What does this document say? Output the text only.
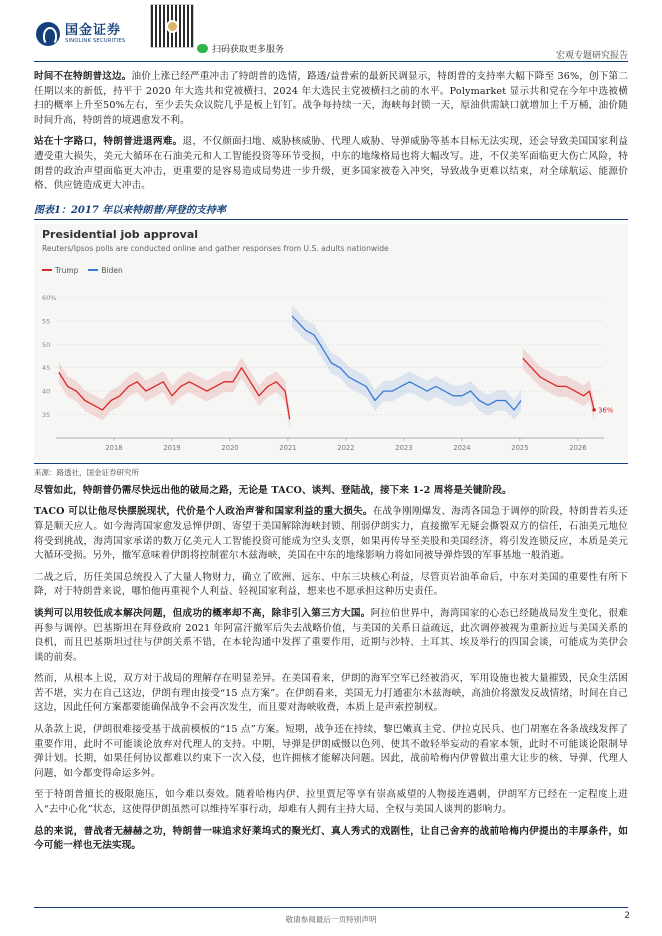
国金证券
SINOLINK SECURITIES
扫码获取更多服务
宏观专题研究报告

时间不在特朗普这边。油价上涨已经严重冲击了特朗普的选情，路透/益普索的最新民调显示，特朗普的支持率大幅下降至 36%，创下第二任期以来的新低，持平于 2020 年大选共和党被横扫、2024 年大选民主党被横扫之前的水平。Polymarket 显示共和党在今年中选被横扫的概率上升至50%左右，至少丢失众议院几乎是板上钉钉。战争每持续一天，海峡每封锁一天，原油供需缺口就增加上千万桶，油价随时间升高，特朗普的境遇愈发不利。

站在十字路口，特朗普进退两难。退，不仅颜面扫地、威胁核威胁、代理人威胁、导弹威胁等基本目标无法实现，还会导致美国国家利益遭受重大损失，美元大循环在石油美元和人工智能投资等环节受损，中东的地缘格局也将大幅改写。进，不仅美军面临更大伤亡风险，特朗普的政治声望面临更大冲击，更重要的是容易造成局势进一步升级，更多国家被卷入冲突，导致战争更难以结束，对全球航运、能源价格、供应链造成更大冲击。

图表1：2017 年以来特朗普/拜登的支持率
35
40
45
50
55
60%
2018	2019	2020	2021	2022	2023	2024	2025	2026
36%
Presidential job approval
Reuters/Ipsos polls are conducted online and gather responses from U.S. adults nationwide
Trump	Biden
来源：路透社，国金证券研究所

尽管如此，特朗普仍需尽快远出他的破局之路，无论是 TACO、谈判、登陆战，接下来 1-2 周将是关键阶段。

TACO 可以让他尽快摆脱现状，代价是个人政治声誉和国家利益的重大损失。在战争刚刚爆发、海湾各国急于调停的阶段，特朗普若头还算是顺天应人。如今海湾国家愈发忌惮伊朗、寄望于美国解除海峡封锁、削弱伊朗实力，直接撤军无疑会撕裂双方的信任，石油美元地位将受到挑战，海湾国家承诺的数万亿美元人工智能投资可能成为空头支票，如果再传导至美股和美国经济，将引发连锁反应，本质是美元大循环受损。另外，撤军意味着伊朗将控制霍尔木兹海峡，美国在中东的地缘影响力将如同被导弹炸毁的军事基地一般消逝。

二战之后，历任美国总统投入了大量人物财力，确立了欧洲、远东、中东三块核心利益，尽管页岩油革命后，中东对美国的重要性有所下降，对于特朗普来说，哪怕他再重视个人利益、轻视国家利益，想来也不愿承担这种历史责任。

谈判可以用较低成本解决问题，但成功的概率却不高，除非引入第三方大国。阿拉伯世界中，海湾国家的心态已经随战局发生变化，很难再参与调停。巴基斯坦在拜登政府 2021 年阿富汗撤军后失去战略价值，与美国的关系日益疏远，此次调停被视为重新拉近与美国关系的良机，而且巴基斯坦过往与伊朗关系不错，在本轮沟通中发挥了重要作用，近期与沙特、土耳其、埃及举行的四国会谈，可能成为美伊会谈的前奏。

然而，从根本上说，双方对于战局的理解存在明显差异。在美国看来，伊朗的海军空军已经被消灭，军用设施也被大量摧毁，民众生活困苦不堪，实力在自己这边，伊朗有理由接受“15 点方案”。在伊朗看来，美国无力打通霍尔木兹海峡，高油价将激发反战情绪，时间在自己这边，因此任何方案都要能确保战争不会再次发生，而且要对海峡收费，本质上是声索控制权。

从条款上说，伊朗很难接受基于战前模板的“15 点”方案。短期，战争还在持续，黎巴嫩真主党、伊拉克民兵、也门胡塞在各条战线发挥了重要作用，此时不可能谈论放弃对代理人的支持。中期，导弹是伊朗威慑以色列、使其不敢轻举妄动的看家本领，此时不可能谈论限制导弹计划。长期，如果任何协议都难以约束下一次入侵，也许拥核才能解决问题。因此，战前哈梅内伊曾做出重大让步的核、导弹、代理人问题，如今都变得命运多舛。

至于特朗普擅长的极限施压，如今难以奏效。随着哈梅内伊、拉里贾尼等享有崇高威望的人物接连遇刺，伊朗军方已经在一定程度上进入“去中心化”状态，这使得伊朗虽然可以维持军事行动，却难有人拥有主持大局、全权与美国人谈判的影响力。

总的来说，普战者无赫赫之功，特朗普一味追求好莱坞式的聚光灯、真人秀式的戏剧性，让自己舍弃的战前哈梅内伊提出的丰厚条件，如今可能一样也无法实现。

敬请参阅最后一页特别声明	2
